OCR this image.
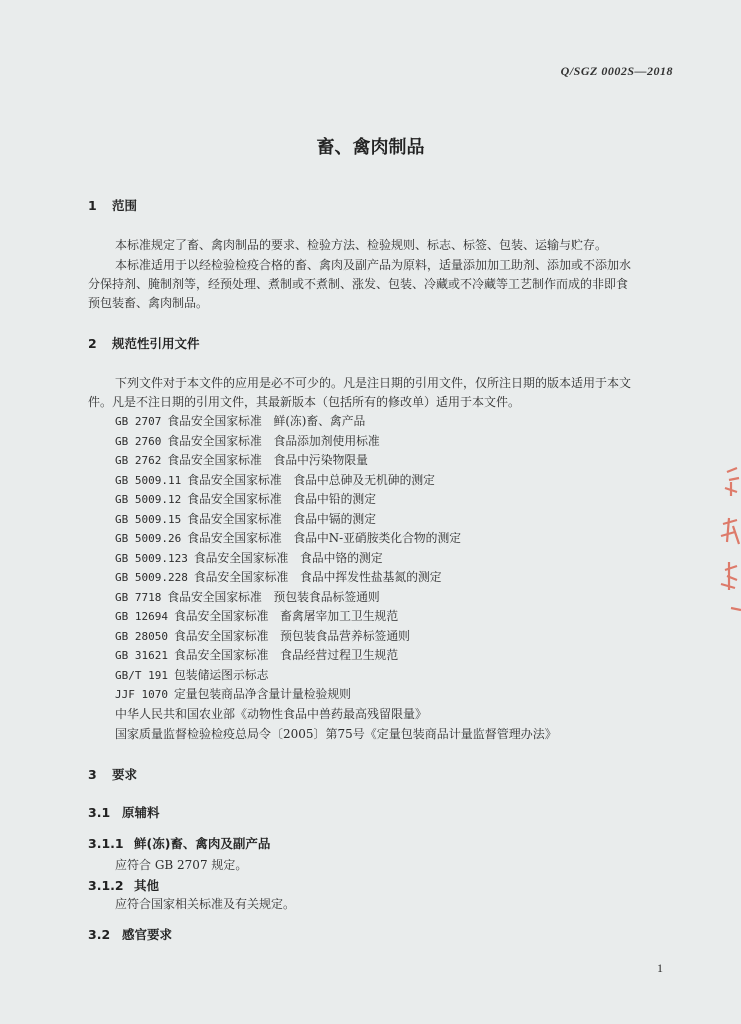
Q/SGZ 0002S—2018
畜、禽肉制品
1 范围
本标准规定了畜、禽肉制品的要求、检验方法、检验规则、标志、标签、包装、运输与贮存。
本标准适用于以经检验检疫合格的畜、禽肉及副产品为原料，适量添加加工助剂、添加或不添加水
分保持剂、腌制剂等，经预处理、煮制或不煮制、涨发、包装、冷藏或不冷藏等工艺制作而成的非即食
预包装畜、禽肉制品。
2 规范性引用文件
下列文件对于本文件的应用是必不可少的。凡是注日期的引用文件，仅所注日期的版本适用于本文
件。凡是不注日期的引用文件，其最新版本（包括所有的修改单）适用于本文件。
GB 2707 食品安全国家标准　鲜(冻)畜、禽产品
GB 2760 食品安全国家标准　食品添加剂使用标准
GB 2762 食品安全国家标准　食品中污染物限量
GB 5009.11 食品安全国家标准　食品中总砷及无机砷的测定
GB 5009.12 食品安全国家标准　食品中铅的测定
GB 5009.15 食品安全国家标准　食品中镉的测定
GB 5009.26 食品安全国家标准　食品中N-亚硝胺类化合物的测定
GB 5009.123 食品安全国家标准　食品中铬的测定
GB 5009.228 食品安全国家标准　食品中挥发性盐基氮的测定
GB 7718 食品安全国家标准　预包装食品标签通则
GB 12694 食品安全国家标准　畜禽屠宰加工卫生规范
GB 28050 食品安全国家标准　预包装食品营养标签通则
GB 31621 食品安全国家标准　食品经营过程卫生规范
GB/T 191 包装储运图示标志
JJF 1070 定量包装商品净含量计量检验规则
中华人民共和国农业部《动物性食品中兽药最高残留限量》
国家质量监督检验检疫总局令〔2005〕第75号《定量包装商品计量监督管理办法》
3 要求
3.1 原辅料
3.1.1 鲜(冻)畜、禽肉及副产品
应符合 GB 2707 规定。
3.1.2 其他
应符合国家相关标准及有关规定。
3.2 感官要求
1
